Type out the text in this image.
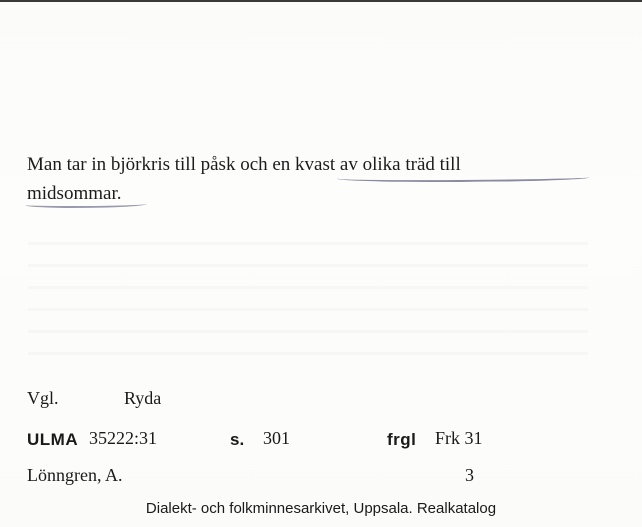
Man tar in björkris till påsk och en kvast av olika träd till
midsommar.
Vgl.	Ryda
ULMA 35222:31	s. 301	frgl Frk 31
Lönngren, A.	3
Dialekt- och folkminnesarkivet, Uppsala. Realkatalog
